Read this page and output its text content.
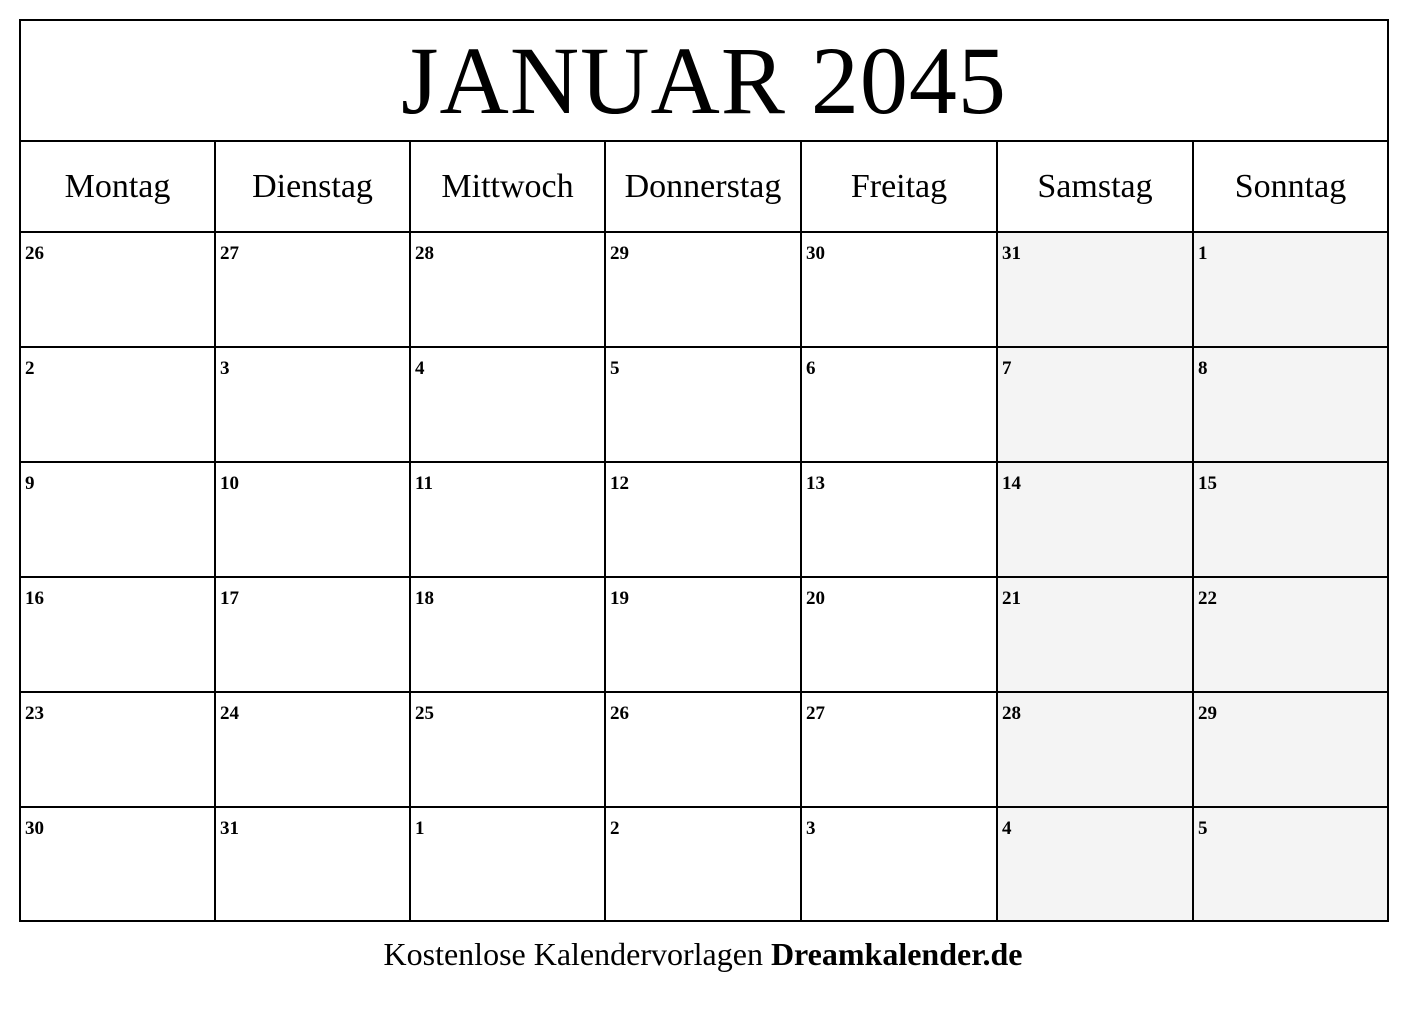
JANUAR 2045
Montag	Dienstag	Mittwoch	Donnerstag	Freitag	Samstag	Sonntag
26	27	28	29	30	31	1
2	3	4	5	6	7	8
9	10	11	12	13	14	15
16	17	18	19	20	21	22
23	24	25	26	27	28	29
30	31	1	2	3	4	5
Kostenlose Kalendervorlagen Dreamkalender.de
